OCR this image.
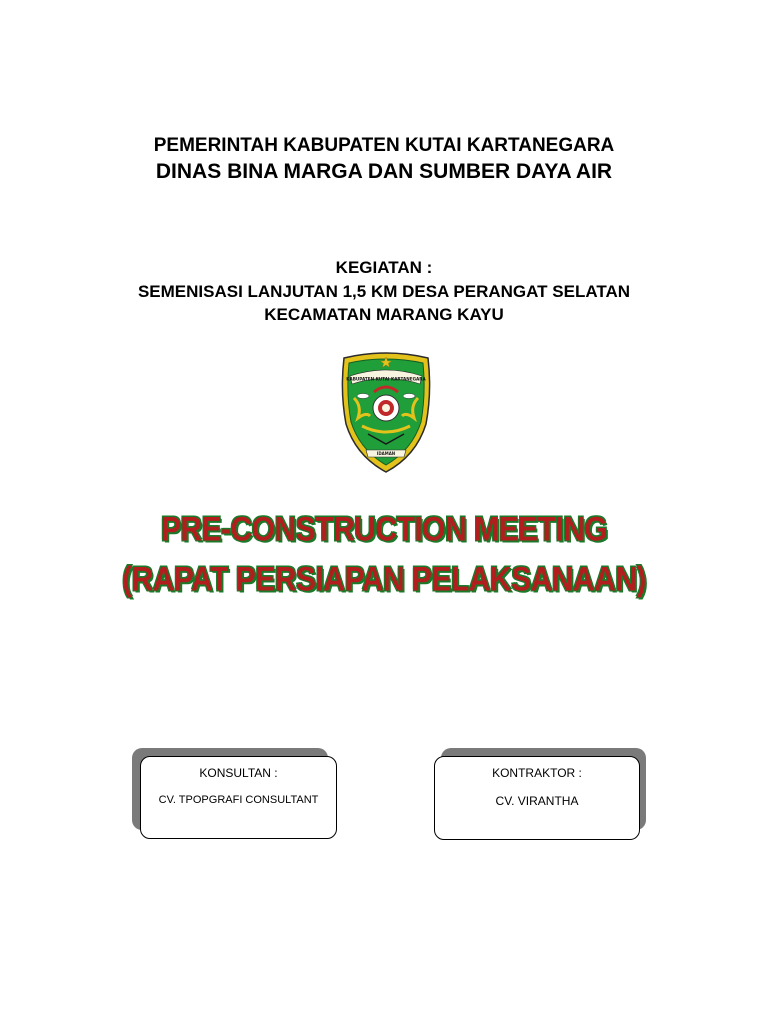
PEMERINTAH KABUPATEN KUTAI KARTANEGARA
DINAS BINA MARGA DAN SUMBER DAYA AIR
KEGIATAN :
SEMENISASI LANJUTAN 1,5 KM DESA PERANGAT SELATAN
KECAMATAN MARANG KAYU
KABUPATEN KUTAI KARTANEGARA
IDAMAN
PRE-CONSTRUCTION MEETING
(RAPAT PERSIAPAN PELAKSANAAN)
KONSULTAN :
CV. TPOPGRAFI CONSULTANT
KONTRAKTOR :
CV. VIRANTHA
